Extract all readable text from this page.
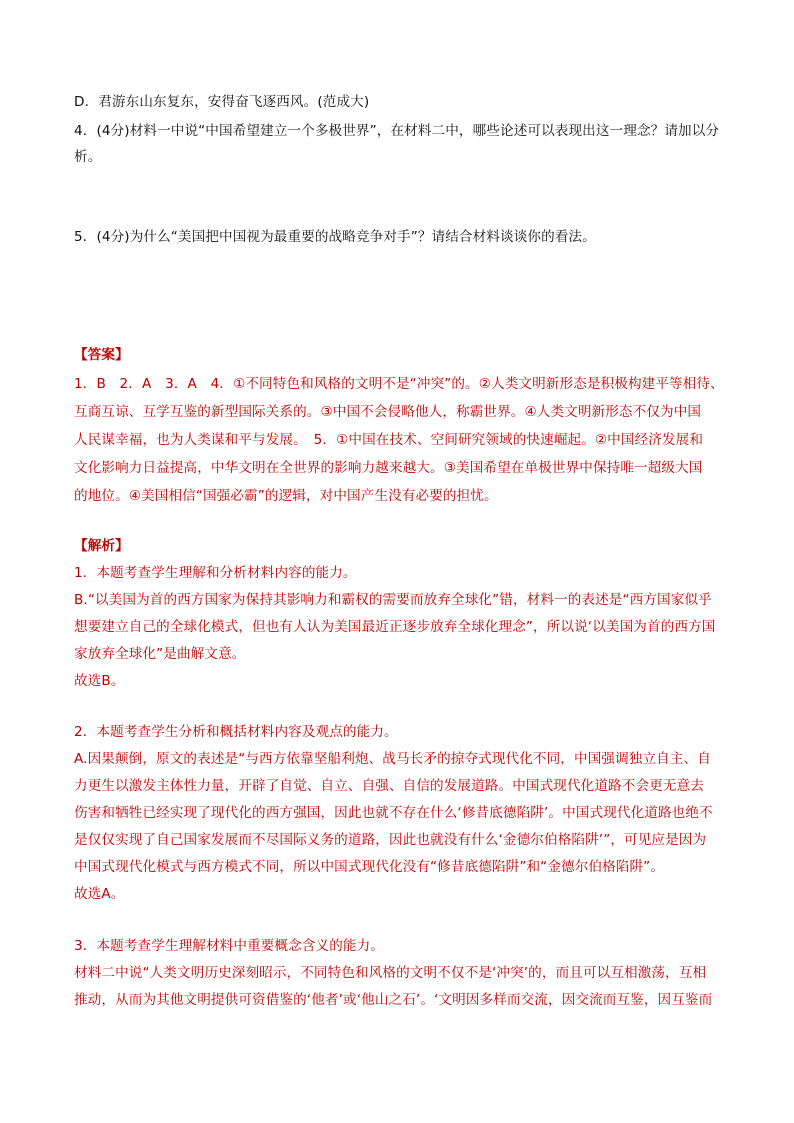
D．君游东山东复东，安得奋飞逐西风。(范成大)

4．(4分)材料一中说“中国希望建立一个多极世界”，在材料二中，哪些论述可以表现出这一理念？请加以分

析。

5．(4分)为什么“美国把中国视为最重要的战略竞争对手”？请结合材料谈谈你的看法。

【答案】

1．B　2．A　3．A　4．①不同特色和风格的文明不是“冲突”的。②人类文明新形态是积极构建平等相待、

互商互谅、互学互鉴的新型国际关系的。③中国不会侵略他人，称霸世界。④人类文明新形态不仅为中国

人民谋幸福，也为人类谋和平与发展。　5．①中国在技术、空间研究领域的快速崛起。②中国经济发展和

文化影响力日益提高，中华文明在全世界的影响力越来越大。③美国希望在单极世界中保持唯一超级大国

的地位。④美国相信“国强必霸”的逻辑，对中国产生没有必要的担忧。

【解析】

1．本题考查学生理解和分析材料内容的能力。

B.“以美国为首的西方国家为保持其影响力和霸权的需要而放弃全球化”错，材料一的表述是“西方国家似乎

想要建立自己的全球化模式，但也有人认为美国最近正逐步放弃全球化理念”，所以说‘以美国为首的西方国

家放弃全球化”是曲解文意。

故选B。

2．本题考查学生分析和概括材料内容及观点的能力。

A.因果颠倒，原文的表述是“与西方依靠坚船利炮、战马长矛的掠夺式现代化不同，中国强调独立自主、自

力更生以激发主体性力量，开辟了自觉、自立、自强、自信的发展道路。中国式现代化道路不会更无意去

伤害和牺牲已经实现了现代化的西方强国，因此也就不存在什么‘修昔底德陷阱’。中国式现代化道路也绝不

是仅仅实现了自己国家发展而不尽国际义务的道路，因此也就没有什么‘金德尔伯格陷阱’”，可见应是因为

中国式现代化模式与西方模式不同，所以中国式现代化没有“修昔底德陷阱”和“金德尔伯格陷阱”。

故选A。

3．本题考查学生理解材料中重要概念含义的能力。

材料二中说“人类文明历史深刻昭示，不同特色和风格的文明不仅不是‘冲突’的，而且可以互相激荡，互相

推动，从而为其他文明提供可资借鉴的‘他者’或‘他山之石’。‘文明因多样而交流，因交流而互鉴，因互鉴而
